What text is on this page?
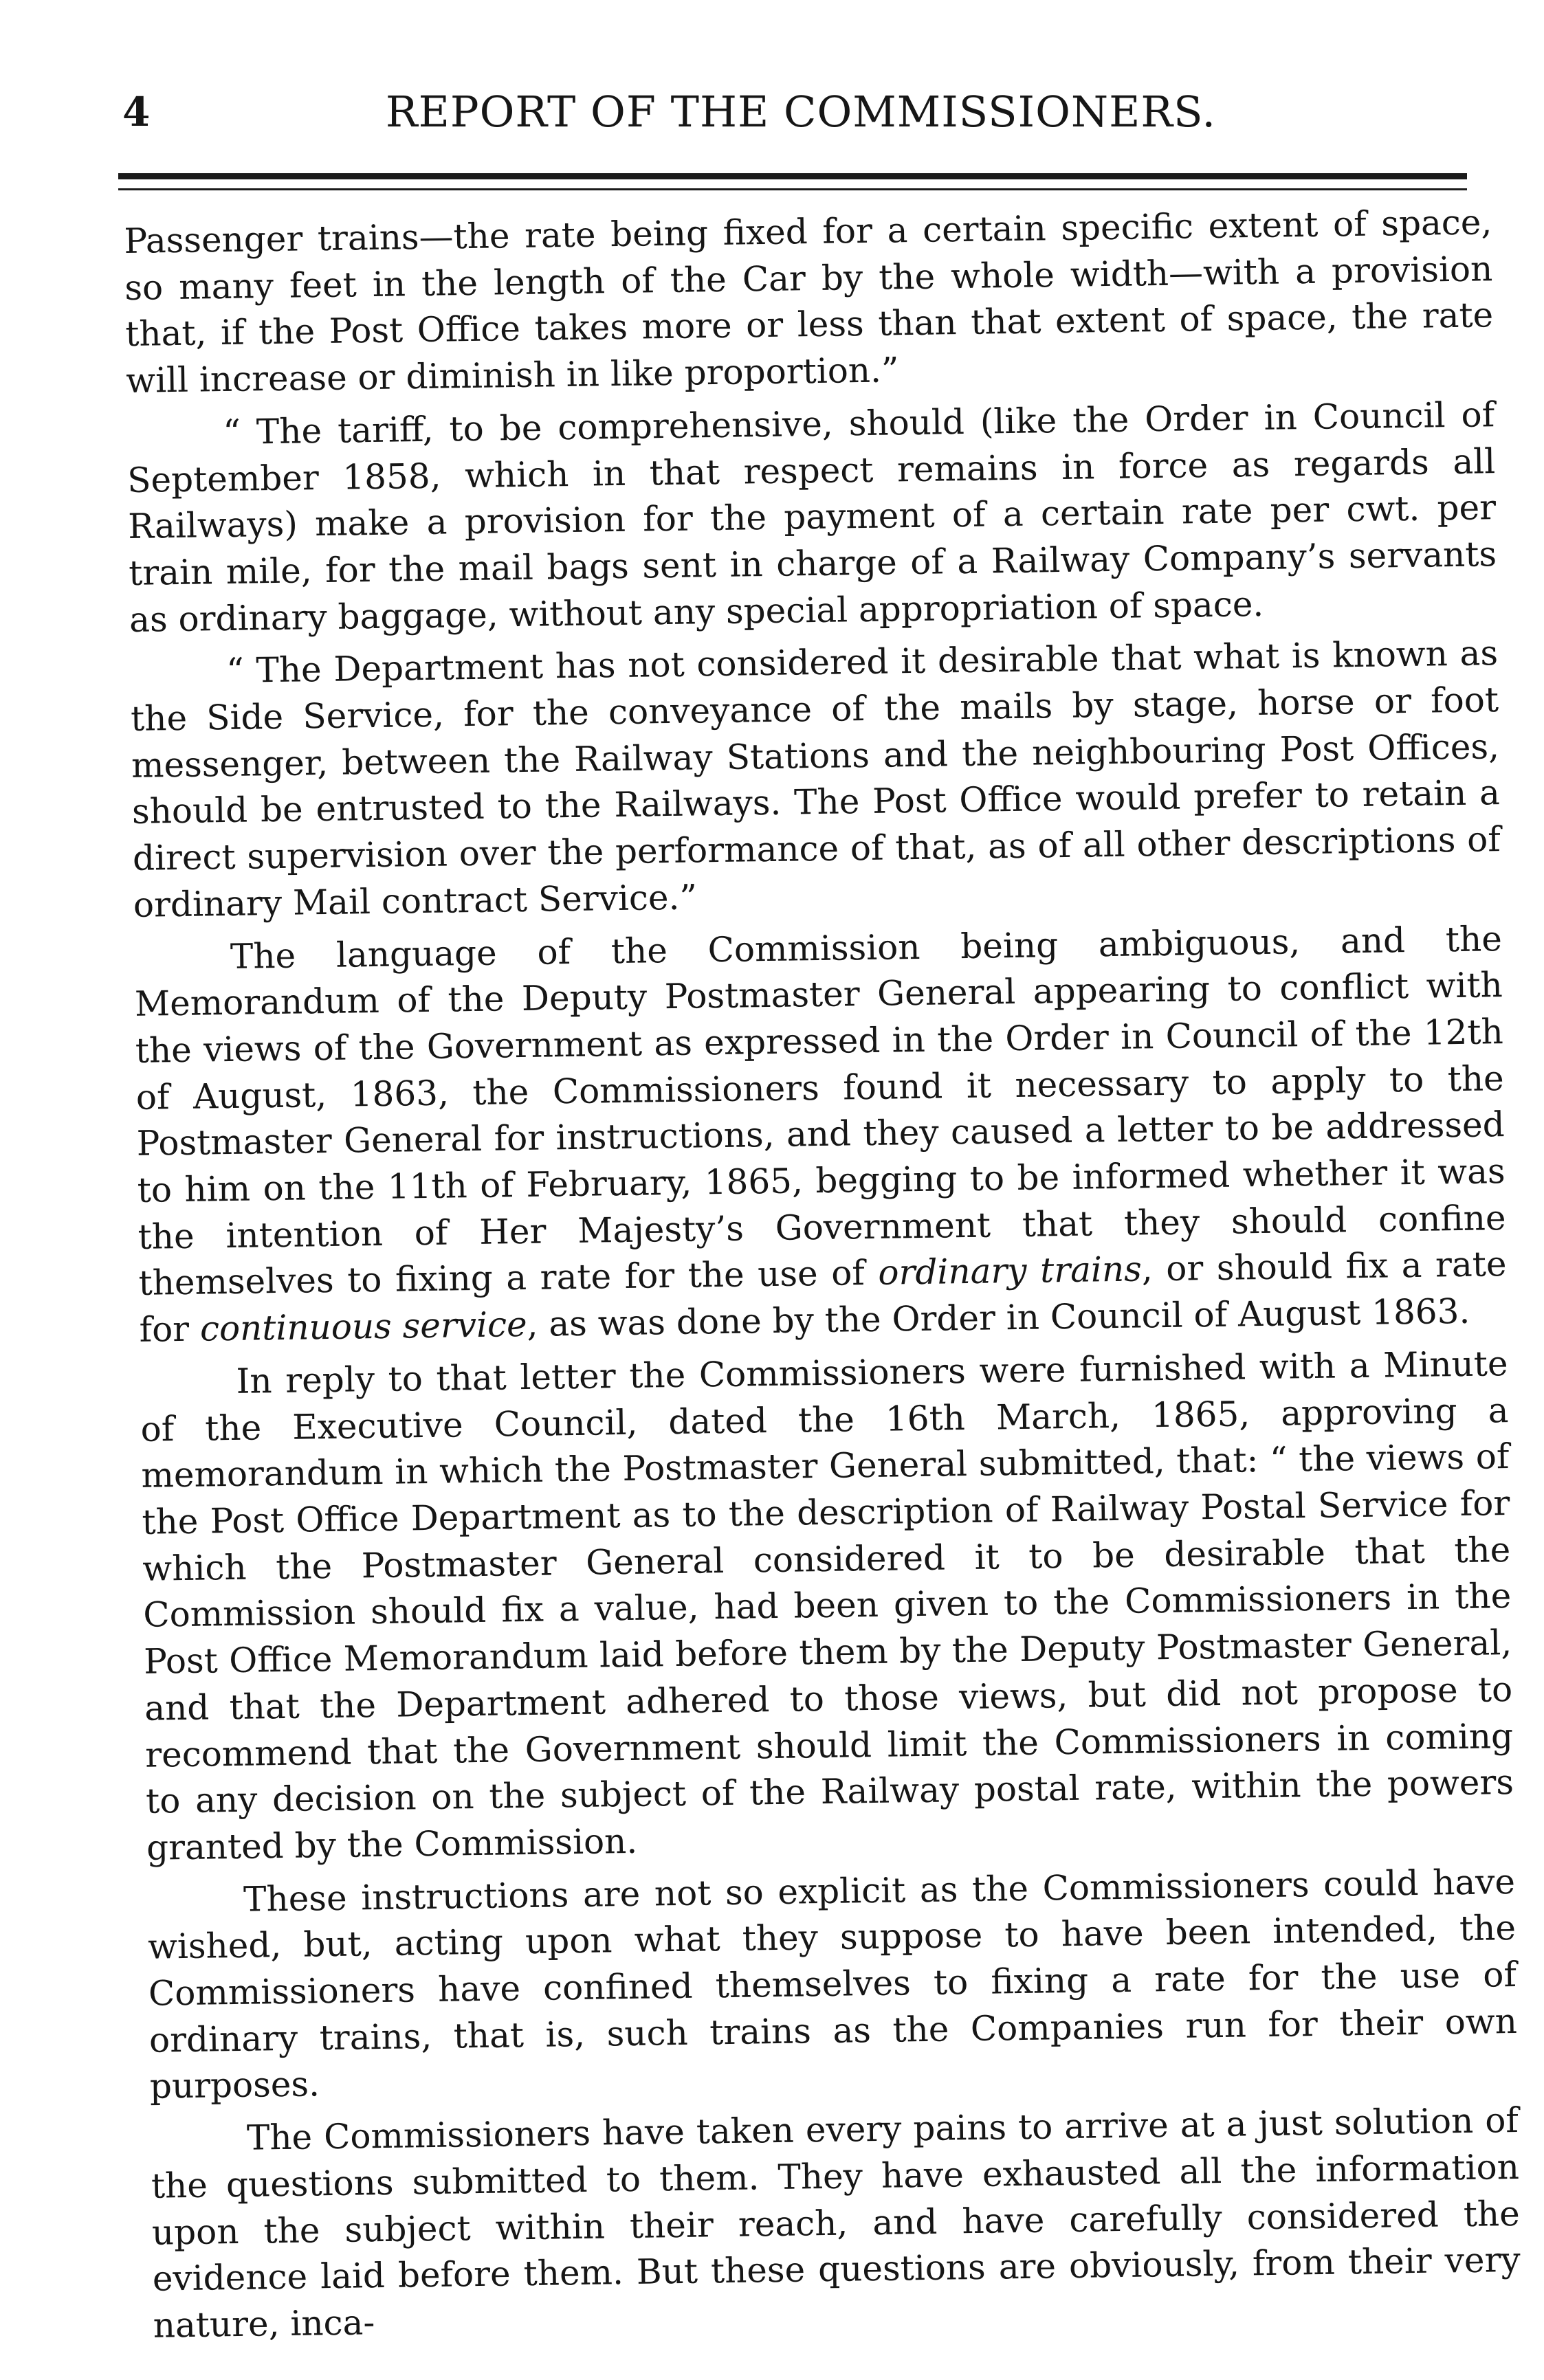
4	REPORT OF THE COMMISSIONERS.

Passenger trains—the rate being fixed for a certain specific extent of space, so many feet in the length of the Car by the whole width—with a provision that, if the Post Office takes more or less than that extent of space, the rate will increase or diminish in like proportion.”

“ The tariff, to be comprehensive, should (like the Order in Council of September 1858, which in that respect remains in force as regards all Railways) make a provision for the payment of a certain rate per cwt. per train mile, for the mail bags sent in charge of a Railway Company’s servants as ordinary baggage, without any special appropriation of space.

“ The Department has not considered it desirable that what is known as the Side Service, for the conveyance of the mails by stage, horse or foot messenger, between the Railway Stations and the neighbouring Post Offices, should be entrusted to the Railways. The Post Office would prefer to retain a direct supervision over the performance of that, as of all other descriptions of ordinary Mail contract Service.”

The language of the Commission being ambiguous, and the Memorandum of the Deputy Postmaster General appearing to conflict with the views of the Government as expressed in the Order in Council of the 12th of August, 1863, the Commissioners found it necessary to apply to the Postmaster General for instructions, and they caused a letter to be addressed to him on the 11th of February, 1865, begging to be informed whether it was the intention of Her Majesty’s Government that they should confine themselves to fixing a rate for the use of ordinary trains, or should fix a rate for continuous service, as was done by the Order in Council of August 1863.

In reply to that letter the Commissioners were furnished with a Minute of the Executive Council, dated the 16th March, 1865, approving a memorandum in which the Postmaster General submitted, that: “ the views of the Post Office Department as to the description of Railway Postal Service for which the Postmaster General considered it to be desirable that the Commission should fix a value, had been given to the Commissioners in the Post Office Memorandum laid before them by the Deputy Postmaster General, and that the Department adhered to those views, but did not propose to recommend that the Government should limit the Commissioners in coming to any decision on the subject of the Railway postal rate, within the powers granted by the Commission.

These instructions are not so explicit as the Commissioners could have wished, but, acting upon what they suppose to have been intended, the Commissioners have confined themselves to fixing a rate for the use of ordinary trains, that is, such trains as the Companies run for their own purposes.

The Commissioners have taken every pains to arrive at a just solution of the questions submitted to them. They have exhausted all the information upon the subject within their reach, and have carefully considered the evidence laid before them. But these questions are obviously, from their very nature, inca-
